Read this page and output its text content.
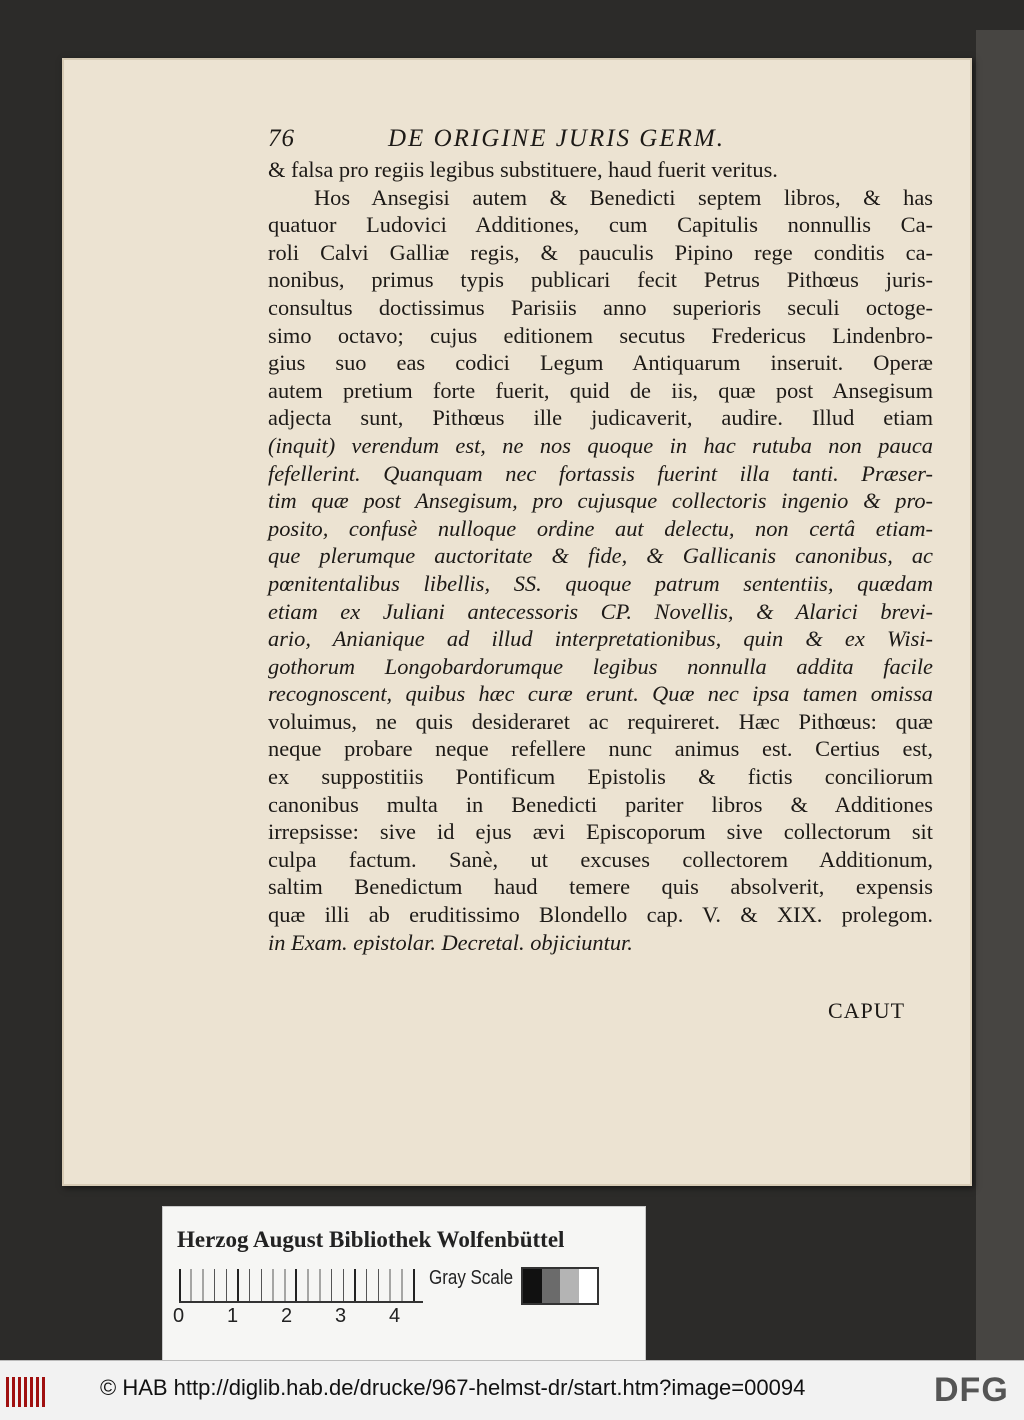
76	DE ORIGINE JURIS GERM.
& falsa pro regiis legibus substituere, haud fuerit veritus.
Hos Ansegisi autem & Benedicti septem libros, & has
quatuor Ludovici Additiones, cum Capitulis nonnullis Ca-
roli Calvi Galliæ regis, & pauculis Pipino rege conditis ca-
nonibus, primus typis publicari fecit Petrus Pithœus juris-
consultus doctissimus Parisiis anno superioris seculi octoge-
simo octavo; cujus editionem secutus Fredericus Lindenbro-
gius suo eas codici Legum Antiquarum inseruit. Operæ
autem pretium forte fuerit, quid de iis, quæ post Ansegisum
adjecta sunt, Pithœus ille judicaverit, audire. Illud etiam
(inquit) verendum est, ne nos quoque in hac rutuba non pauca
fefellerint. Quanquam nec fortassis fuerint illa tanti. Præser-
tim quæ post Ansegisum, pro cujusque collectoris ingenio & pro-
posito, confusè nulloque ordine aut delectu, non certâ etiam-
que plerumque auctoritate & fide, & Gallicanis canonibus, ac
pœnitentalibus libellis, SS. quoque patrum sententiis, quædam
etiam ex Juliani antecessoris CP. Novellis, & Alarici brevi-
ario, Anianique ad illud interpretationibus, quin & ex Wisi-
gothorum Longobardorumque legibus nonnulla addita facile
recognoscent, quibus hæc curæ erunt. Quæ nec ipsa tamen omissa
voluimus, ne quis desideraret ac requireret. Hæc Pithœus: quæ
neque probare neque refellere nunc animus est. Certius est,
ex suppostitiis Pontificum Epistolis & fictis conciliorum
canonibus multa in Benedicti pariter libros & Additiones
irrepsisse: sive id ejus ævi Episcoporum sive collectorum sit
culpa factum. Sanè, ut excuses collectorem Additionum,
saltim Benedictum haud temere quis absolverit, expensis
quæ illi ab eruditissimo Blondello cap. V. & XIX. prolegom.
in Exam. epistolar. Decretal. objiciuntur.
CAPUT
Herzog August Bibliothek Wolfenbüttel
0	1	2	3	4
Gray Scale
© HAB http://diglib.hab.de/drucke/967-helmst-dr/start.htm?image=00094	DFG
